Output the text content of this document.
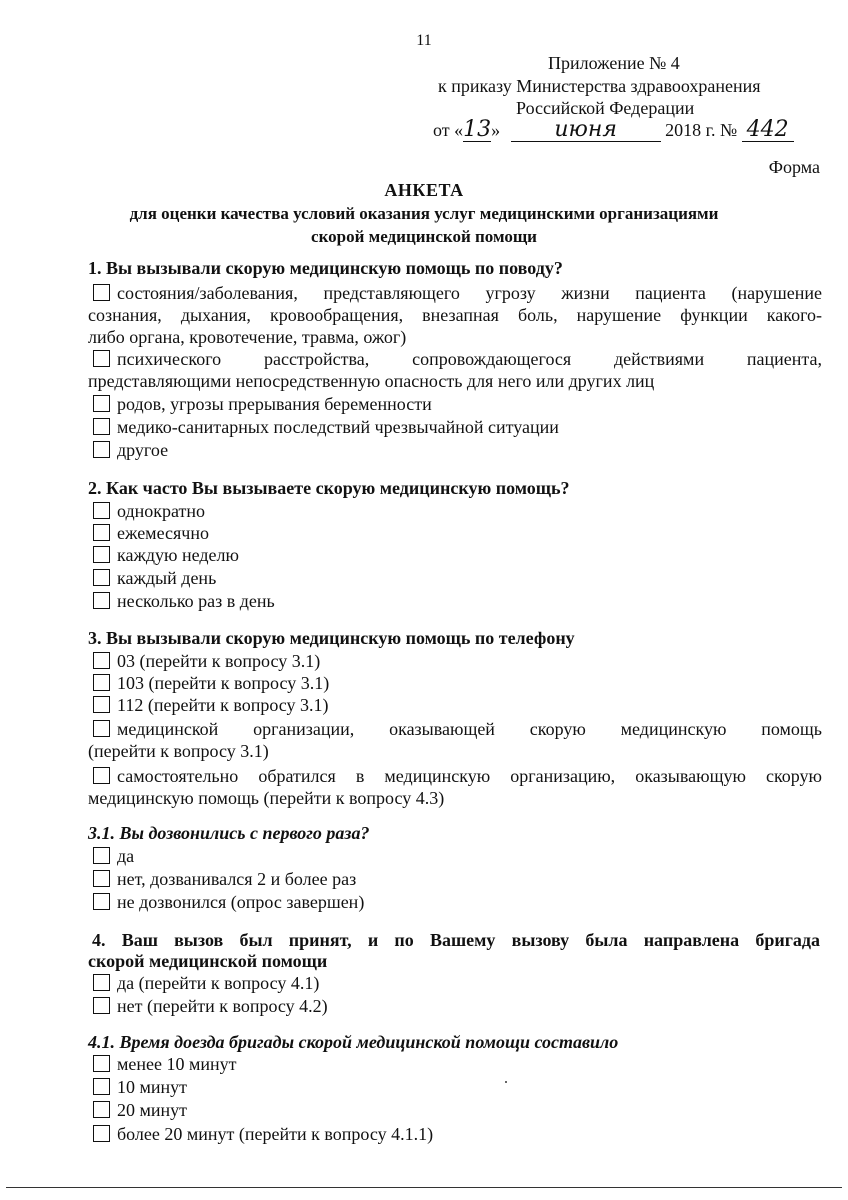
11
Приложение № 4
к приказу Министерства здравоохранения
Российской Федерации
от «13» июня	2018 г. № 442
Форма
АНКЕТА
для оценки качества условий оказания услуг медицинскими организациями
скорой медицинской помощи
1. Вы вызывали скорую медицинскую помощь по поводу?
состояния/заболевания, представляющего угрозу жизни пациента (нарушение
сознания, дыхания, кровообращения, внезапная боль, нарушение функции какого-
либо органа, кровотечение, травма, ожог)
психического расстройства, сопровождающегося действиями пациента,
представляющими непосредственную опасность для него или других лиц
родов, угрозы прерывания беременности
медико-санитарных последствий чрезвычайной ситуации
другое
2. Как часто Вы вызываете скорую медицинскую помощь?
однократно
ежемесячно
каждую неделю
каждый день
несколько раз в день
3. Вы вызывали скорую медицинскую помощь по телефону
03 (перейти к вопросу 3.1)
103 (перейти к вопросу 3.1)
112 (перейти к вопросу 3.1)
медицинской организации, оказывающей скорую медицинскую помощь
(перейти к вопросу 3.1)
самостоятельно обратился в медицинскую организацию, оказывающую скорую
медицинскую помощь (перейти к вопросу 4.3)
3.1. Вы дозвонились с первого раза?
да
нет, дозванивался 2 и более раз
не дозвонился (опрос завершен)
4. Ваш вызов был принят, и по Вашему вызову была направлена бригада
скорой медицинской помощи
да (перейти к вопросу 4.1)
нет (перейти к вопросу 4.2)
4.1. Время доезда бригады скорой медицинской помощи составило
менее 10 минут
10 минут
20 минут
более 20 минут (перейти к вопросу 4.1.1)
